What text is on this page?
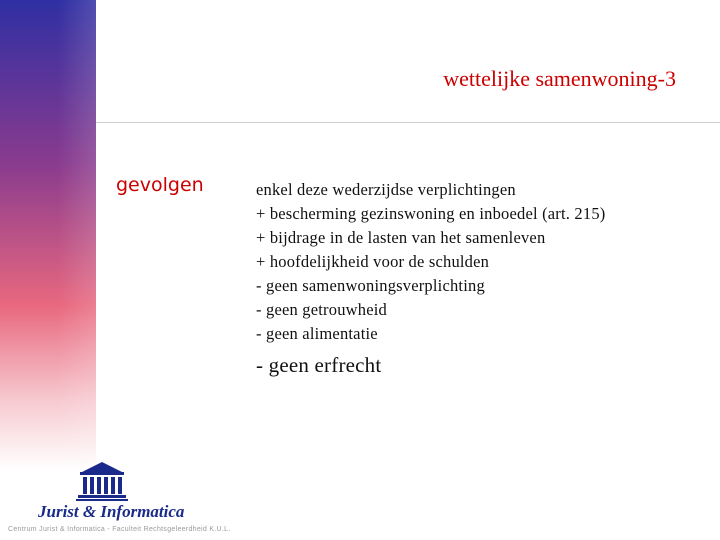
wettelijke samenwoning-3
gevolgen	enkel deze wederzijdse verplichtingen
+ bescherming gezinswoning en inboedel (art. 215)
+ bijdrage in de lasten van het samenleven
+ hoofdelijkheid voor de schulden
- geen samenwoningsverplichting
- geen getrouwheid
- geen alimentatie
- geen erfrecht
Jurist & Informatica
Centrum Jurist & Informatica - Faculteit Rechtsgeleerdheid K.U.L.
